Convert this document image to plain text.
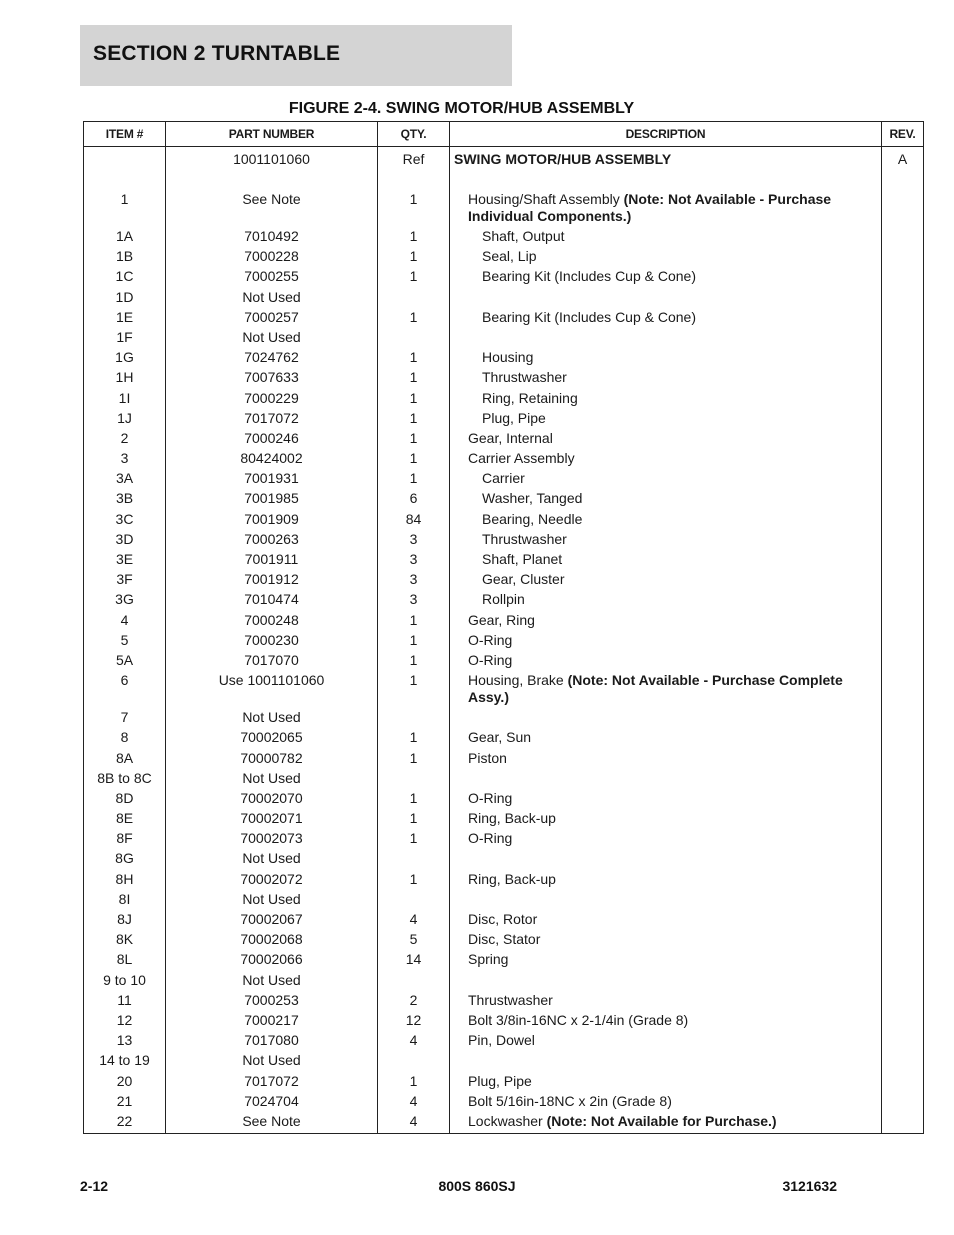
SECTION 2 TURNTABLE
FIGURE 2-4. SWING MOTOR/HUB ASSEMBLY
ITEM #	PART NUMBER	QTY.	DESCRIPTION	REV.
	1001101060	Ref	SWING MOTOR/HUB ASSEMBLY	A
1	See Note	1	Housing/Shaft Assembly (Note: Not Available - Purchase Individual Components.)	
1A	7010492	1	Shaft, Output	
1B	7000228	1	Seal, Lip	
1C	7000255	1	Bearing Kit (Includes Cup & Cone)	
1D	Not Used			
1E	7000257	1	Bearing Kit (Includes Cup & Cone)	
1F	Not Used			
1G	7024762	1	Housing	
1H	7007633	1	Thrustwasher	
1I	7000229	1	Ring, Retaining	
1J	7017072	1	Plug, Pipe	
2	7000246	1	Gear, Internal	
3	80424002	1	Carrier Assembly	
3A	7001931	1	Carrier	
3B	7001985	6	Washer, Tanged	
3C	7001909	84	Bearing, Needle	
3D	7000263	3	Thrustwasher	
3E	7001911	3	Shaft, Planet	
3F	7001912	3	Gear, Cluster	
3G	7010474	3	Rollpin	
4	7000248	1	Gear, Ring	
5	7000230	1	O-Ring	
5A	7017070	1	O-Ring	
6	Use 1001101060	1	Housing, Brake (Note: Not Available - Purchase Complete Assy.)	
7	Not Used			
8	70002065	1	Gear, Sun	
8A	70000782	1	Piston	
8B to 8C	Not Used			
8D	70002070	1	O-Ring	
8E	70002071	1	Ring, Back-up	
8F	70002073	1	O-Ring	
8G	Not Used			
8H	70002072	1	Ring, Back-up	
8I	Not Used			
8J	70002067	4	Disc, Rotor	
8K	70002068	5	Disc, Stator	
8L	70002066	14	Spring	
9 to 10	Not Used			
11	7000253	2	Thrustwasher	
12	7000217	12	Bolt 3/8in-16NC x 2-1/4in (Grade 8)	
13	7017080	4	Pin, Dowel	
14 to 19	Not Used			
20	7017072	1	Plug, Pipe	
21	7024704	4	Bolt 5/16in-18NC x 2in (Grade 8)	
22	See Note	4	Lockwasher (Note: Not Available for Purchase.)	
2-12	800S 860SJ	3121632
